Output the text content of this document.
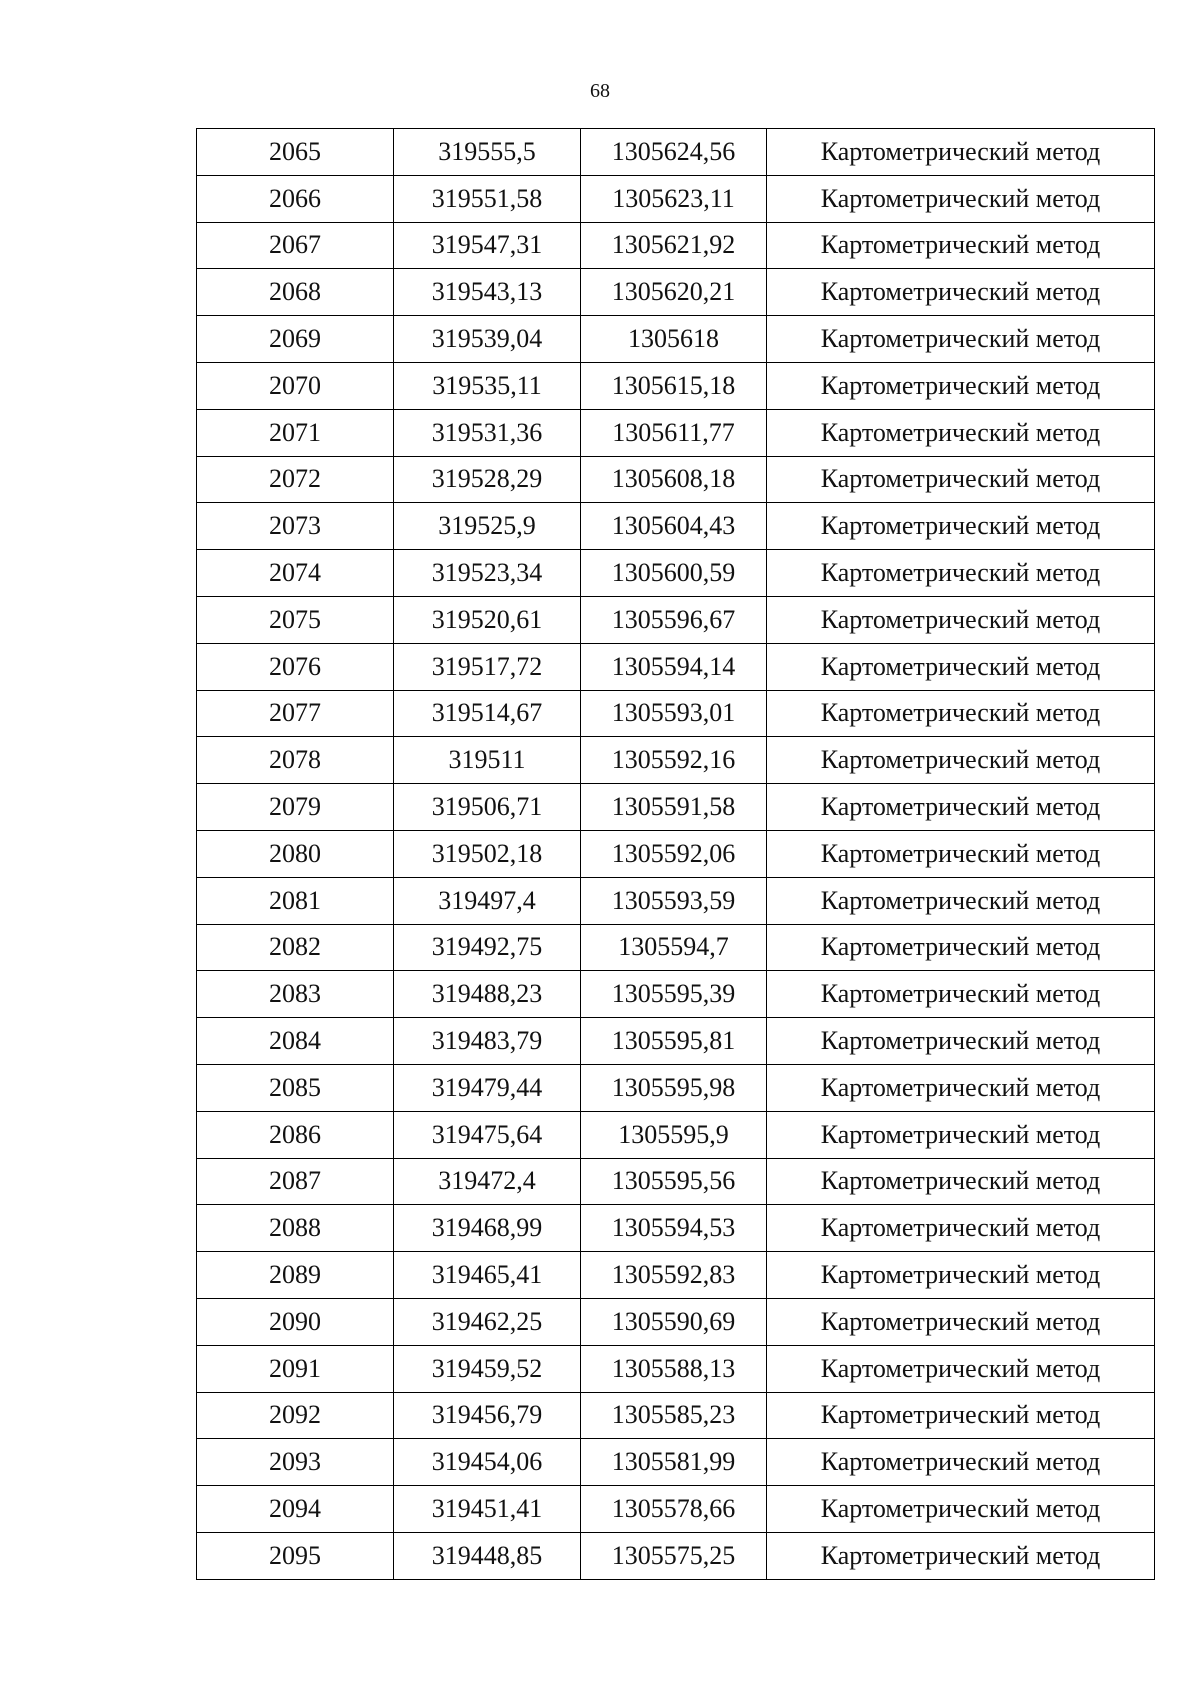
68
2065	319555,5	1305624,56	Картометрический метод
2066	319551,58	1305623,11	Картометрический метод
2067	319547,31	1305621,92	Картометрический метод
2068	319543,13	1305620,21	Картометрический метод
2069	319539,04	1305618	Картометрический метод
2070	319535,11	1305615,18	Картометрический метод
2071	319531,36	1305611,77	Картометрический метод
2072	319528,29	1305608,18	Картометрический метод
2073	319525,9	1305604,43	Картометрический метод
2074	319523,34	1305600,59	Картометрический метод
2075	319520,61	1305596,67	Картометрический метод
2076	319517,72	1305594,14	Картометрический метод
2077	319514,67	1305593,01	Картометрический метод
2078	319511	1305592,16	Картометрический метод
2079	319506,71	1305591,58	Картометрический метод
2080	319502,18	1305592,06	Картометрический метод
2081	319497,4	1305593,59	Картометрический метод
2082	319492,75	1305594,7	Картометрический метод
2083	319488,23	1305595,39	Картометрический метод
2084	319483,79	1305595,81	Картометрический метод
2085	319479,44	1305595,98	Картометрический метод
2086	319475,64	1305595,9	Картометрический метод
2087	319472,4	1305595,56	Картометрический метод
2088	319468,99	1305594,53	Картометрический метод
2089	319465,41	1305592,83	Картометрический метод
2090	319462,25	1305590,69	Картометрический метод
2091	319459,52	1305588,13	Картометрический метод
2092	319456,79	1305585,23	Картометрический метод
2093	319454,06	1305581,99	Картометрический метод
2094	319451,41	1305578,66	Картометрический метод
2095	319448,85	1305575,25	Картометрический метод
